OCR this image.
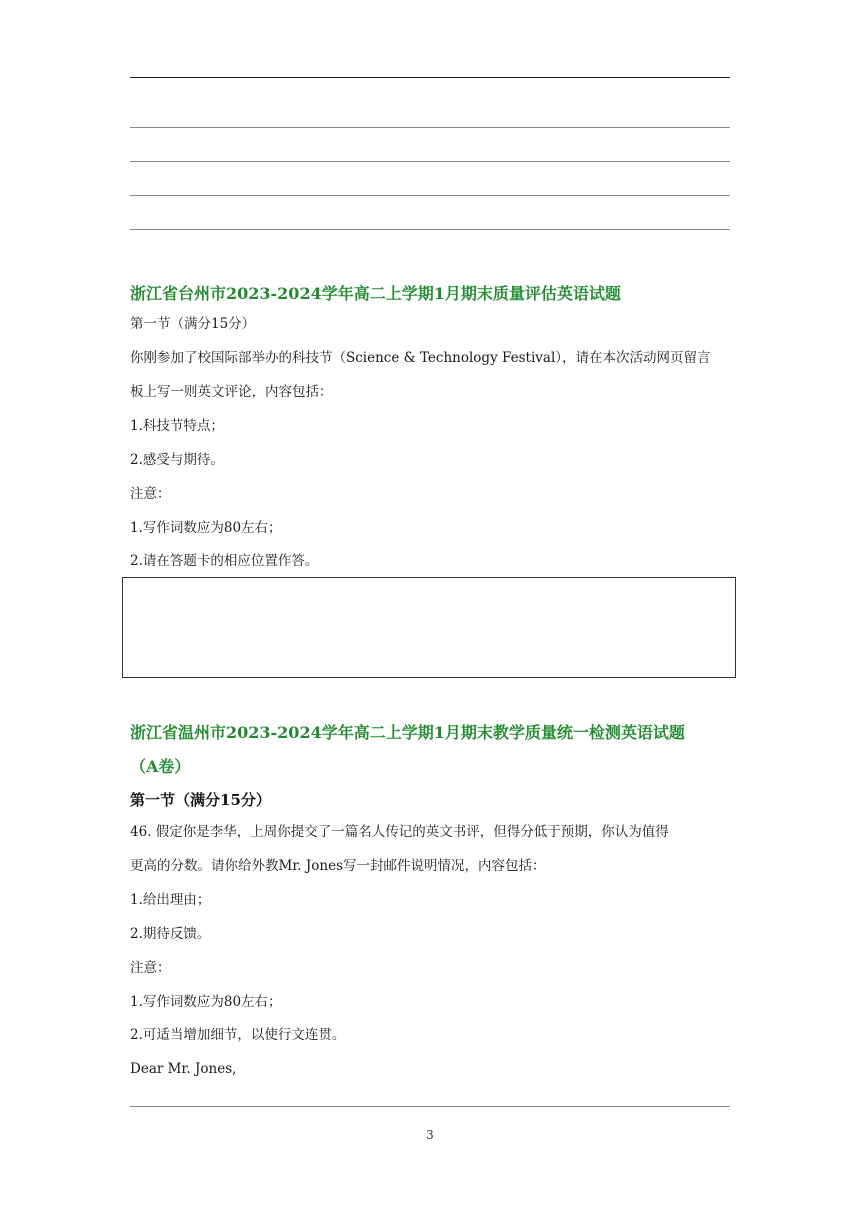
浙江省台州市2023-2024学年高二上学期1月期末质量评估英语试题
第一节（满分15分）
你刚参加了校国际部举办的科技节（Science & Technology Festival），请在本次活动网页留言
板上写一则英文评论，内容包括：
1.科技节特点；
2.感受与期待。
注意：
1.写作词数应为80左右；
2.请在答题卡的相应位置作答。
浙江省温州市2023-2024学年高二上学期1月期末教学质量统一检测英语试题
（A卷）
第一节（满分15分）
46. 假定你是李华，上周你提交了一篇名人传记的英文书评，但得分低于预期，你认为值得
更高的分数。请你给外教Mr. Jones写一封邮件说明情况，内容包括：
1.给出理由；
2.期待反馈。
注意：
1.写作词数应为80左右；
2.可适当增加细节，以使行文连贯。
Dear Mr. Jones,
3
